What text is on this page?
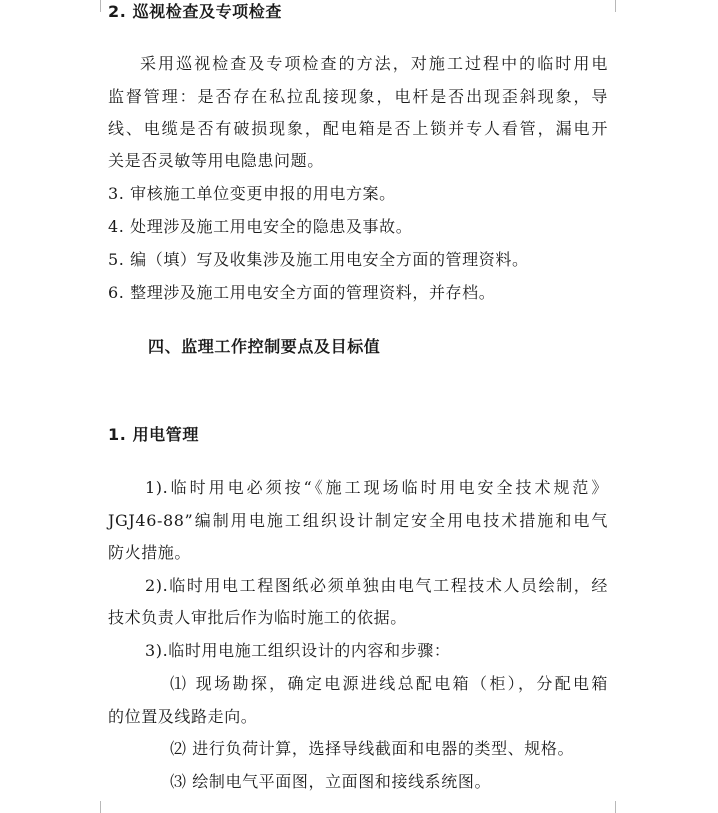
2. 巡视检查及专项检查
采用巡视检查及专项检查的方法，对施工过程中的临时用电
监督管理：是否存在私拉乱接现象，电杆是否出现歪斜现象，导
线、电缆是否有破损现象，配电箱是否上锁并专人看管，漏电开
关是否灵敏等用电隐患问题。
3. 审核施工单位变更申报的用电方案。
4. 处理涉及施工用电安全的隐患及事故。
5. 编（填）写及收集涉及施工用电安全方面的管理资料。
6. 整理涉及施工用电安全方面的管理资料，并存档。
四、监理工作控制要点及目标值
1. 用电管理
1).临时用电必须按“《施工现场临时用电安全技术规范》
JGJ46-88”编制用电施工组织设计制定安全用电技术措施和电气
防火措施。
2).临时用电工程图纸必须单独由电气工程技术人员绘制，经
技术负责人审批后作为临时施工的依据。
3).临时用电施工组织设计的内容和步骤：
⑴ 现场勘探，确定电源进线总配电箱（柜），分配电箱
的位置及线路走向。
⑵ 进行负荷计算，选择导线截面和电器的类型、规格。
⑶ 绘制电气平面图，立面图和接线系统图。
